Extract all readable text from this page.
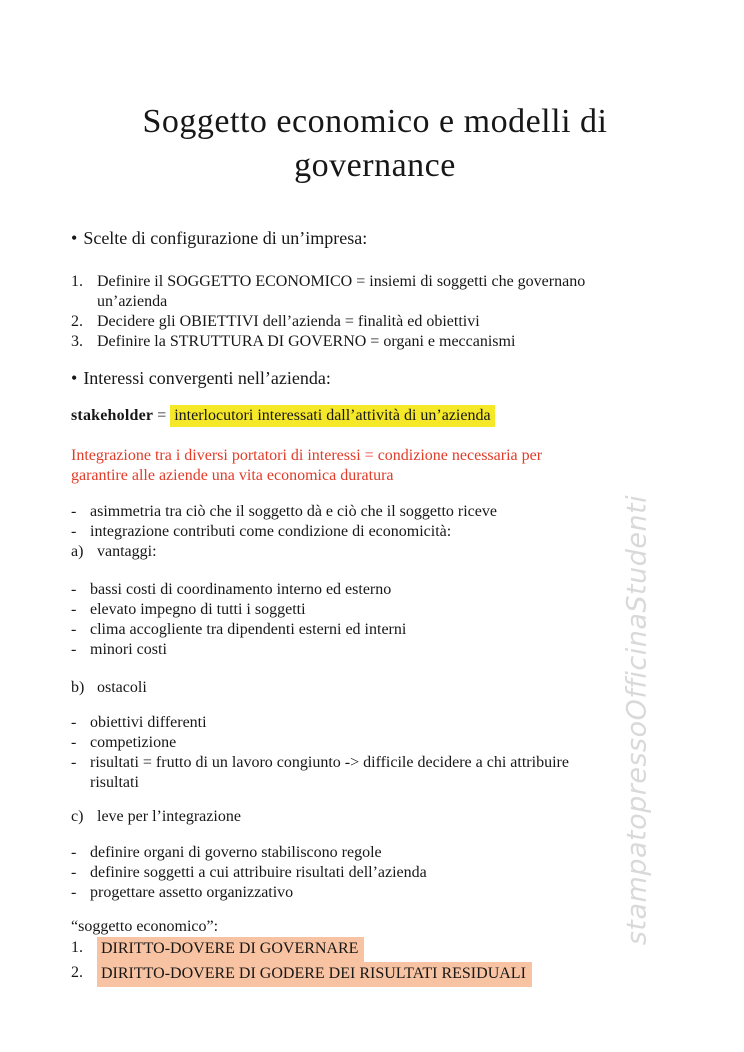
Soggetto economico e modelli di
governance
• Scelte di configurazione di un’impresa:
1. Definire il SOGGETTO ECONOMICO = insiemi di soggetti che governano
un’azienda
2. Decidere gli OBIETTIVI dell’azienda = finalità ed obiettivi
3. Definire la STRUTTURA DI GOVERNO = organi e meccanismi
• Interessi convergenti nell’azienda:
stakeholder = interlocutori interessati dall’attività di un’azienda
Integrazione tra i diversi portatori di interessi = condizione necessaria per
garantire alle aziende una vita economica duratura
- asimmetria tra ciò che il soggetto dà e ciò che il soggetto riceve
- integrazione contributi come condizione di economicità:
a) vantaggi:
- bassi costi di coordinamento interno ed esterno
- elevato impegno di tutti i soggetti
- clima accogliente tra dipendenti esterni ed interni
- minori costi
b) ostacoli
- obiettivi differenti
- competizione
- risultati = frutto di un lavoro congiunto -> difficile decidere a chi attribuire
risultati
c) leve per l’integrazione
- definire organi di governo stabiliscono regole
- definire soggetti a cui attribuire risultati dell’azienda
- progettare assetto organizzativo
“soggetto economico”:
1.	DIRITTO-DOVERE DI GOVERNARE
2.	DIRITTO-DOVERE DI GODERE DEI RISULTATI RESIDUALI
stampatopressoOfficinaStudenti
